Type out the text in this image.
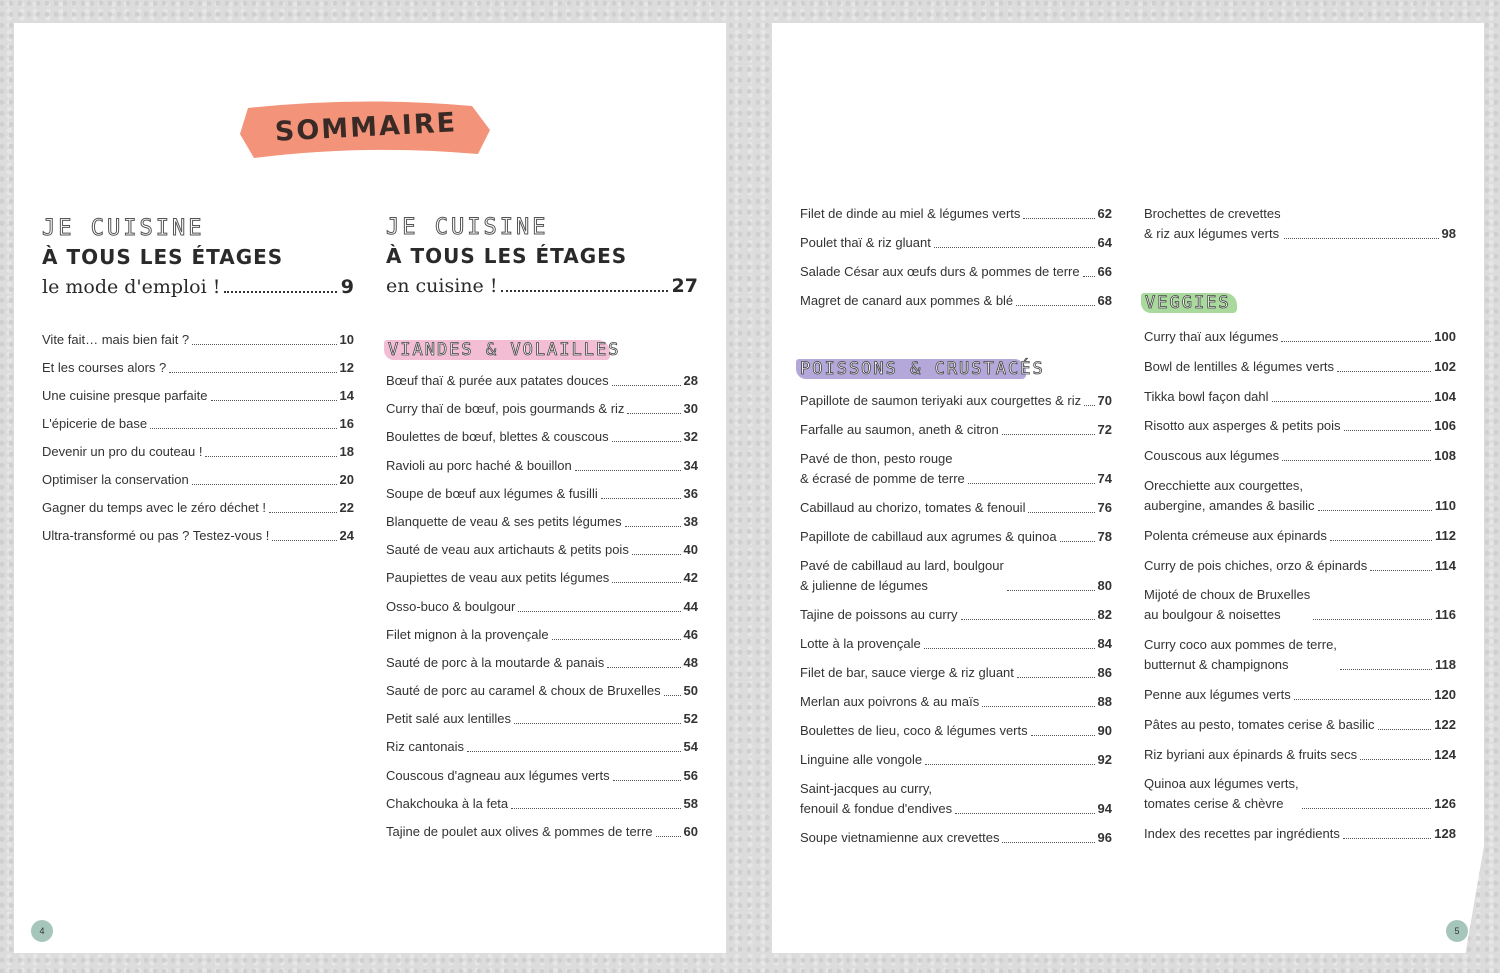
SOMMAIRE
JE CUISINE
À TOUS LES ÉTAGES
le mode d'emploi !	9
JE CUISINE
À TOUS LES ÉTAGES
en cuisine !	27
VIANDES & VOLAILLES
POISSONS & CRUSTACÉS
VEGGIES
Vite fait… mais bien fait ?	10
Et les courses alors ?	12
Une cuisine presque parfaite	14
L'épicerie de base	16
Devenir un pro du couteau !	18
Optimiser la conservation	20
Gagner du temps avec le zéro déchet !	22
Ultra-transformé ou pas ? Testez-vous !	24
Bœuf thaï & purée aux patates douces	28
Curry thaï de bœuf, pois gourmands & riz	30
Boulettes de bœuf, blettes & couscous	32
Ravioli au porc haché & bouillon	34
Soupe de bœuf aux légumes & fusilli	36
Blanquette de veau & ses petits légumes	38
Sauté de veau aux artichauts & petits pois	40
Paupiettes de veau aux petits légumes	42
Osso-buco & boulgour	44
Filet mignon à la provençale	46
Sauté de porc à la moutarde & panais	48
Sauté de porc au caramel & choux de Bruxelles 50
Petit salé aux lentilles	52
Riz cantonais	54
Couscous d'agneau aux légumes verts	56
Chakchouka à la feta	58
Tajine de poulet aux olives & pommes de terre 60
Filet de dinde au miel & légumes verts	62
Poulet thaï & riz gluant	64
Salade César aux œufs durs & pommes de terre 66
Magret de canard aux pommes & blé	68
Papillote de saumon teriyaki aux courgettes & riz 70
Farfalle au saumon, aneth & citron	72
Pavé de thon, pesto rouge
& écrasé de pomme de terre	74
Cabillaud au chorizo, tomates & fenouil	76
Papillote de cabillaud aux agrumes & quinoa	78
Pavé de cabillaud au lard, boulgour
& julienne de légumes	80
Tajine de poissons au curry	82
Lotte à la provençale	84
Filet de bar, sauce vierge & riz gluant	86
Merlan aux poivrons & au maïs	88
Boulettes de lieu, coco & légumes verts	90
Linguine alle vongole	92
Saint-jacques au curry,
fenouil & fondue d'endives	94
Soupe vietnamienne aux crevettes	96
Brochettes de crevettes
& riz aux légumes verts	98
Curry thaï aux légumes	100
Bowl de lentilles & légumes verts	102
Tikka bowl façon dahl	104
Risotto aux asperges & petits pois	106
Couscous aux légumes	108
Orecchiette aux courgettes,
aubergine, amandes & basilic	110
Polenta crémeuse aux épinards	112
Curry de pois chiches, orzo & épinards	114
Mijoté de choux de Bruxelles
au boulgour & noisettes	116
Curry coco aux pommes de terre,
butternut & champignons	118
Penne aux légumes verts	120
Pâtes au pesto, tomates cerise & basilic	122
Riz byriani aux épinards & fruits secs	124
Quinoa aux légumes verts,
tomates cerise & chèvre	126
Index des recettes par ingrédients	128
4	5
